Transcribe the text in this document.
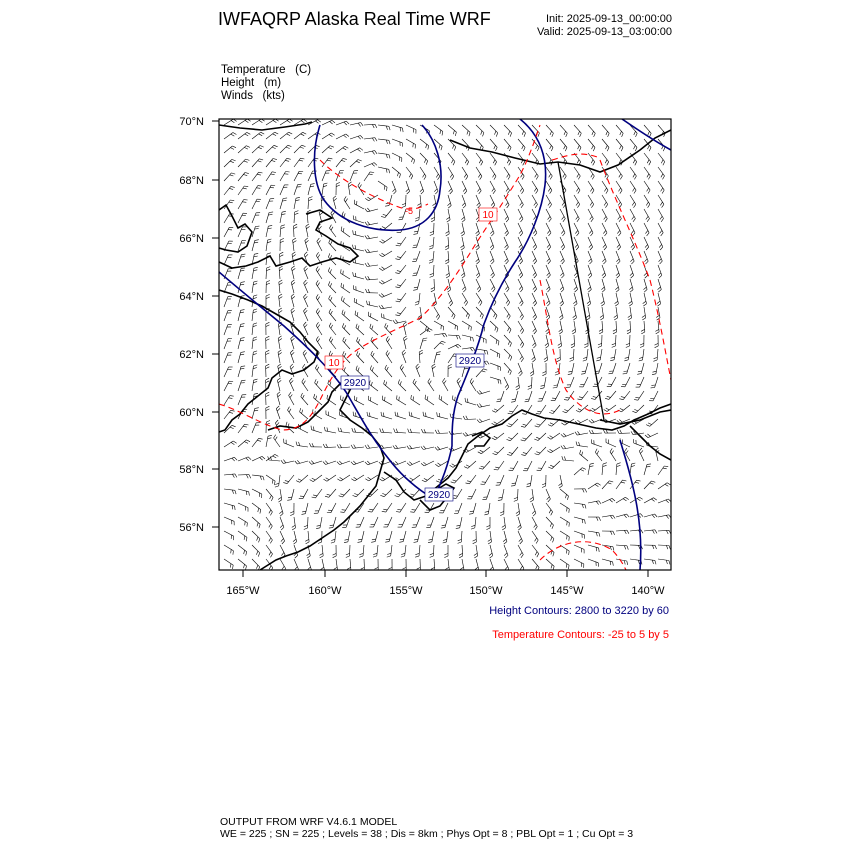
IWFAQRP Alaska Real Time WRF	Init: 2025-09-13_00:00:00
Valid: 2025-09-13_03:00:00
Temperature   (C)
Height   (m)
Winds   (kts)
70°N
68°N
66°N
64°N
62°N
60°N
58°N
56°N
165°W	160°W	155°W	150°W	145°W	140°W
2920
2920
2920
10
10
-5
Height Contours: 2800 to 3220 by 60
Temperature Contours: -25 to 5 by 5
OUTPUT FROM WRF V4.6.1 MODEL
WE = 225 ; SN = 225 ; Levels = 38 ; Dis = 8km ; Phys Opt = 8 ; PBL Opt = 1 ; Cu Opt = 3
